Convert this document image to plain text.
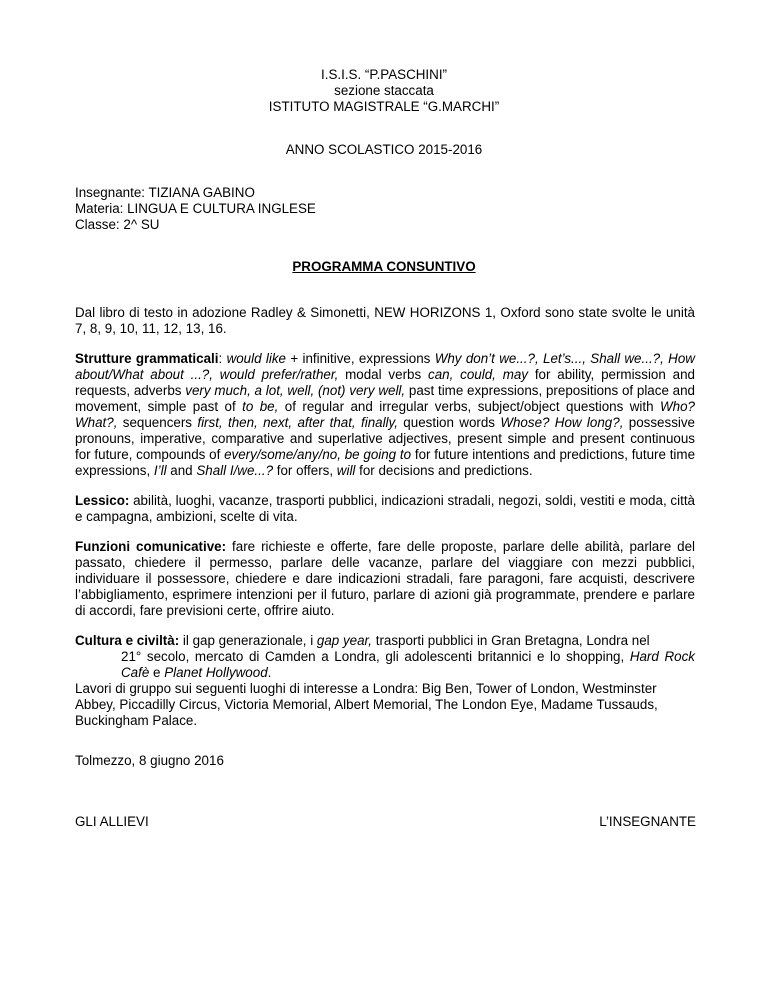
I.S.I.S. “P.PASCHINI”
sezione staccata
ISTITUTO MAGISTRALE “G.MARCHI”
ANNO SCOLASTICO 2015-2016
Insegnante: TIZIANA GABINO
Materia: LINGUA E CULTURA INGLESE
Classe: 2^ SU
PROGRAMMA CONSUNTIVO

Dal libro di testo in adozione Radley & Simonetti, NEW HORIZONS 1, Oxford sono state svolte le unità 7, 8, 9, 10, 11, 12, 13, 16.

Strutture grammaticali: would like + infinitive, expressions Why don’t we...?, Let’s..., Shall we...?, How about/What about ...?, would prefer/rather, modal verbs can, could, may for ability, permission and requests, adverbs very much, a lot, well, (not) very well, past time expressions, prepositions of place and movement, simple past of to be, of regular and irregular verbs, subject/object questions with Who? What?, sequencers first, then, next, after that, finally, question words Whose? How long?, possessive pronouns, imperative, comparative and superlative adjectives, present simple and present continuous for future, compounds of every/some/any/no, be going to for future intentions and predictions, future time expressions, I’ll and Shall I/we...? for offers, will for decisions and predictions.

Lessico: abilità, luoghi, vacanze, trasporti pubblici, indicazioni stradali, negozi, soldi, vestiti e moda, città e campagna, ambizioni, scelte di vita.

Funzioni comunicative: fare richieste e offerte, fare delle proposte, parlare delle abilità, parlare del passato, chiedere il permesso, parlare delle vacanze, parlare del viaggiare con mezzi pubblici, individuare il possessore, chiedere e dare indicazioni stradali, fare paragoni, fare acquisti, descrivere l’abbigliamento, esprimere intenzioni per il futuro, parlare di azioni già programmate, prendere e parlare di accordi, fare previsioni certe, offrire aiuto.

Cultura e civiltà: il gap generazionale, i gap year, trasporti pubblici in Gran Bretagna, Londra nel
21° secolo, mercato di Camden a Londra, gli adolescenti britannici e lo shopping, Hard Rock Cafè e Planet Hollywood.

Lavori di gruppo sui seguenti luoghi di interesse a Londra: Big Ben, Tower of London, Westminster Abbey, Piccadilly Circus, Victoria Memorial, Albert Memorial, The London Eye, Madame Tussauds, Buckingham Palace.

Tolmezzo, 8 giugno 2016
GLI ALLIEVI	L’INSEGNANTE
